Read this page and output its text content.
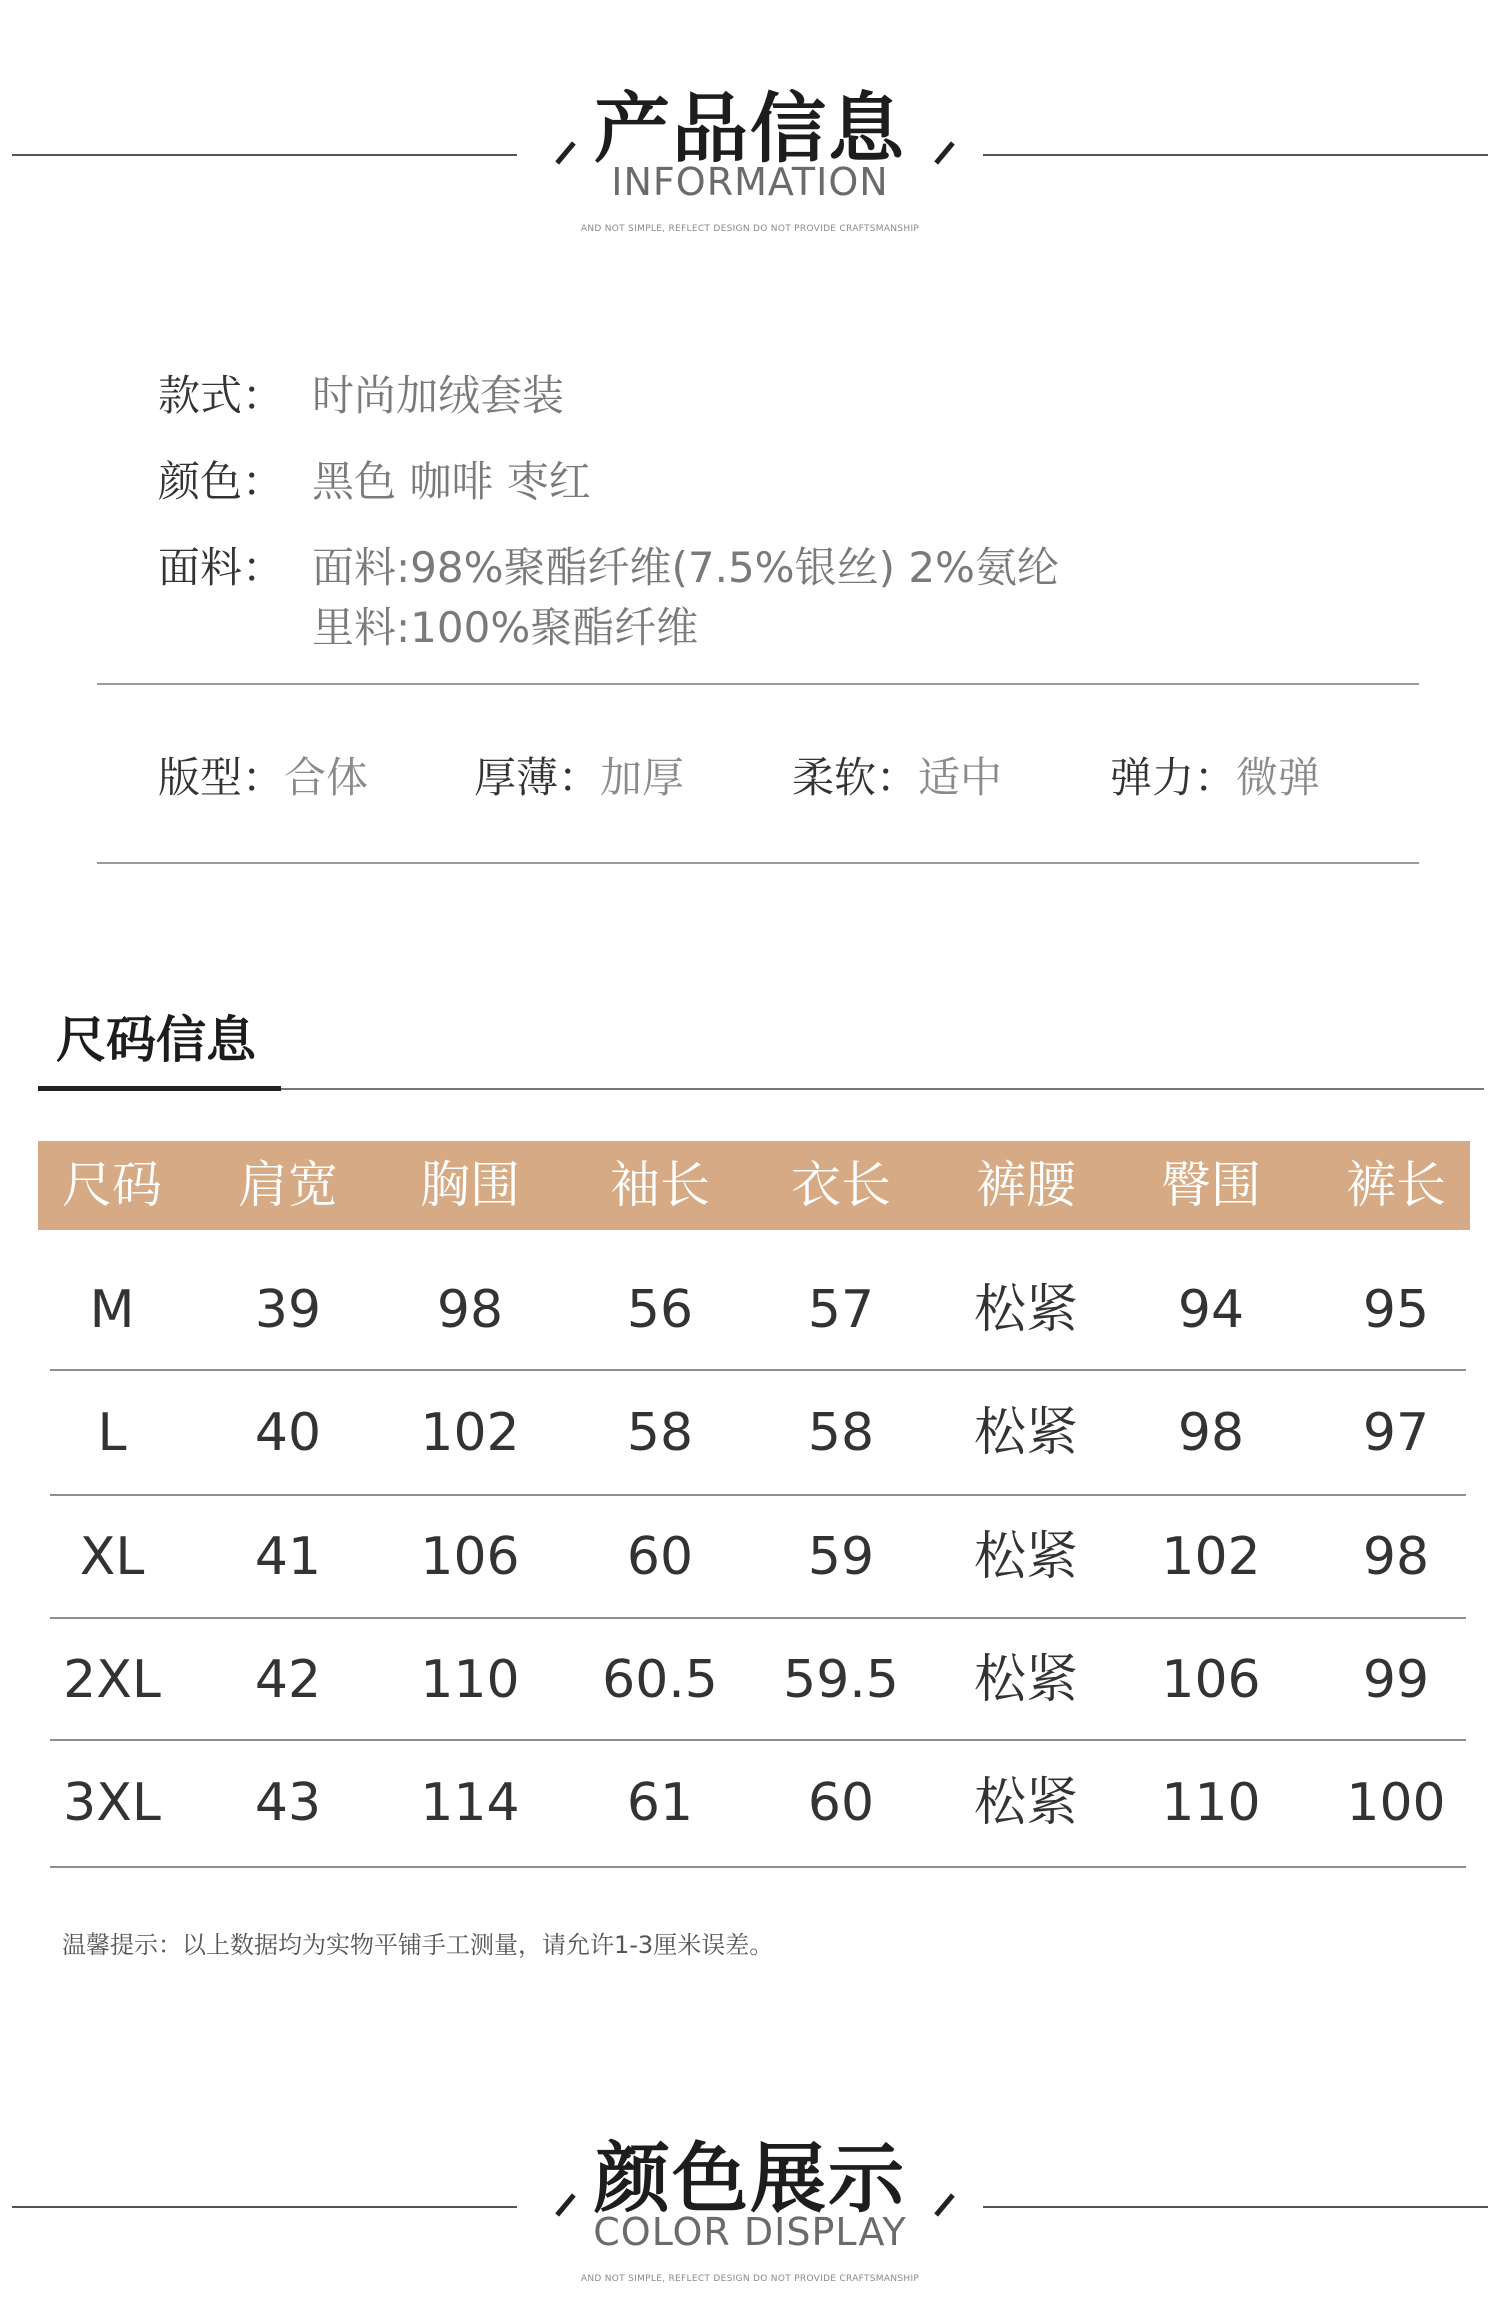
产品信息
INFORMATION
AND NOT SIMPLE, REFLECT DESIGN DO NOT PROVIDE CRAFTSMANSHIP
款式： 时尚加绒套装
颜色： 黑色 咖啡 枣红
面料： 面料:98%聚酯纤维(7.5%银丝) 2%氨纶
里料:100%聚酯纤维
版型：合体	厚薄：加厚	柔软：适中	弹力：微弹
尺码信息
尺码 肩宽 胸围 袖长 衣长 裤腰 臀围 裤长
M 39 98 56 57 松紧 94 95
L 40 102 58 58 松紧 98 97
XL 41 106 60 59 松紧 102 98
2XL 42 110 60.5 59.5 松紧 106 99
3XL 43 114 61 60 松紧 110 100
温馨提示：以上数据均为实物平铺手工测量，请允许1-3厘米误差。
颜色展示
COLOR DISPLAY
AND NOT SIMPLE, REFLECT DESIGN DO NOT PROVIDE CRAFTSMANSHIP
